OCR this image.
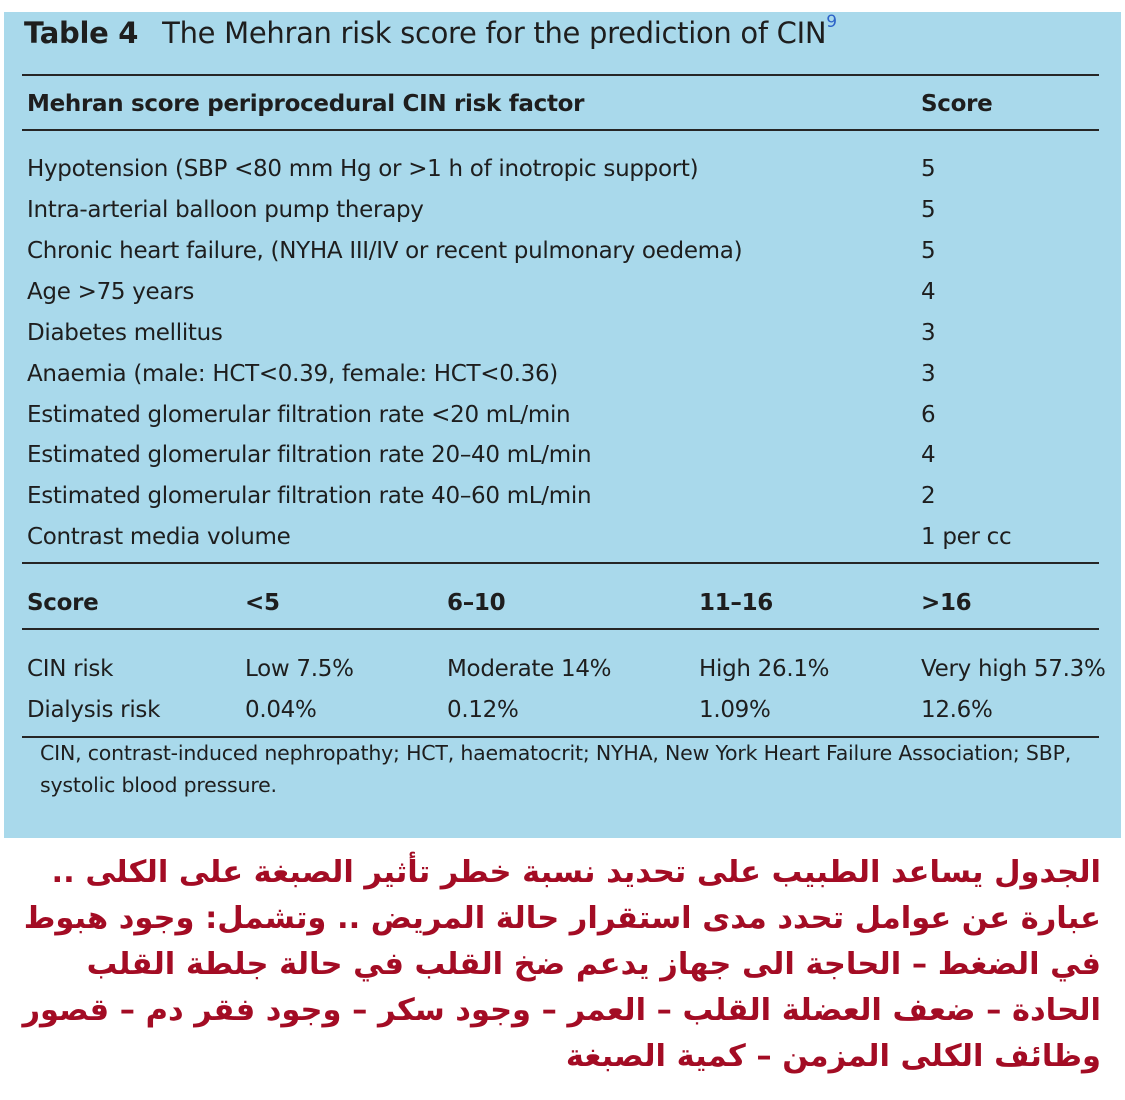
Table 4 The Mehran risk score for the prediction of CIN$^9$
Mehran score periprocedural CIN risk factor	Score
Hypotension (SBP <80 mm Hg or >1 h of inotropic support)	5
Intra-arterial balloon pump therapy	5
Chronic heart failure, (NYHA III/IV or recent pulmonary oedema)	5
Age >75 years	4
Diabetes mellitus	3
Anaemia (male: HCT<0.39, female: HCT<0.36)	3
Estimated glomerular filtration rate <20 mL/min	6
Estimated glomerular filtration rate 20–40 mL/min	4
Estimated glomerular filtration rate 40–60 mL/min	2
Contrast media volume	1 per cc
Score	<5	6–10	11–16	>16
CIN risk	Low 7.5%	Moderate 14%	High 26.1%	Very high 57.3%
Dialysis risk	0.04%	0.12%	1.09%	12.6%
CIN, contrast-induced nephropathy; HCT, haematocrit; NYHA, New York Heart Failure Association; SBP, systolic blood pressure.
الجدول يساعد الطبيب على تحديد نسبة خطر تأثير الصبغة على الكلى .. عبارة عن عوامل تحدد مدى استقرار حالة المريض .. وتشمل: وجود هبوط في الضغط – الحاجة الى جهاز يدعم ضخ القلب في حالة جلطة القلب الحادة – ضعف العضلة القلب – العمر – وجود سكر – وجود فقر دم – قصور وظائف الكلى المزمن – كمية الصبغة
